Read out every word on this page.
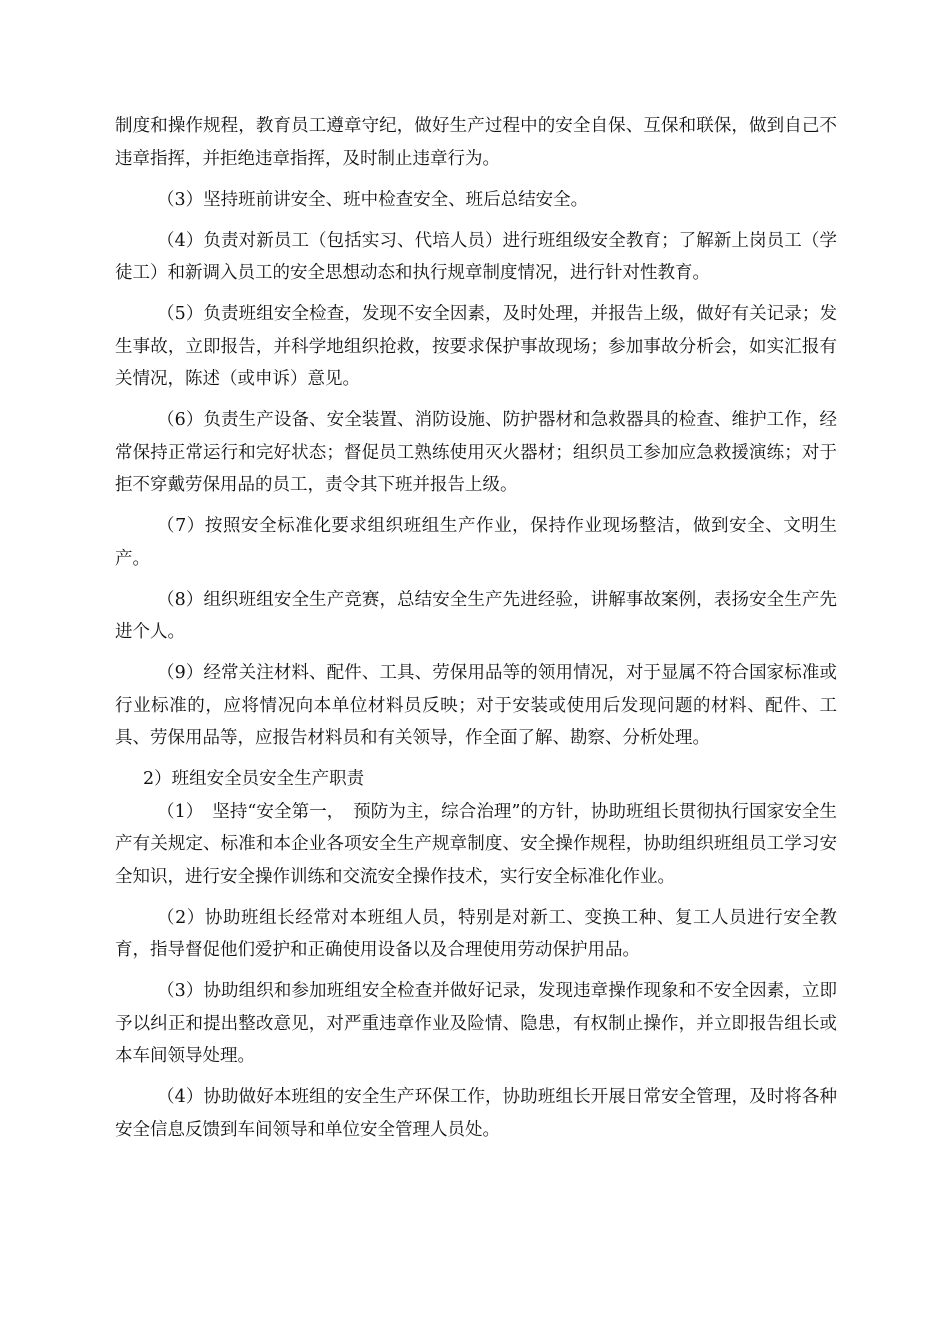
制度和操作规程，教育员工遵章守纪，做好生产过程中的安全自保、互保和联保，做到自己不违章指挥，并拒绝违章指挥，及时制止违章行为。

（3）坚持班前讲安全、班中检查安全、班后总结安全。

（4）负责对新员工（包括实习、代培人员）进行班组级安全教育；了解新上岗员工（学徒工）和新调入员工的安全思想动态和执行规章制度情况，进行针对性教育。

（5）负责班组安全检查，发现不安全因素，及时处理，并报告上级，做好有关记录；发生事故，立即报告，并科学地组织抢救，按要求保护事故现场；参加事故分析会，如实汇报有关情况，陈述（或申诉）意见。

（6）负责生产设备、安全装置、消防设施、防护器材和急救器具的检查、维护工作，经常保持正常运行和完好状态；督促员工熟练使用灭火器材；组织员工参加应急救援演练；对于拒不穿戴劳保用品的员工，责令其下班并报告上级。

（7）按照安全标准化要求组织班组生产作业，保持作业现场整洁，做到安全、文明生产。

（8）组织班组安全生产竞赛，总结安全生产先进经验，讲解事故案例，表扬安全生产先进个人。

（9）经常关注材料、配件、工具、劳保用品等的领用情况，对于显属不符合国家标准或行业标准的，应将情况向本单位材料员反映；对于安装或使用后发现问题的材料、配件、工具、劳保用品等，应报告材料员和有关领导，作全面了解、勘察、分析处理。

2）班组安全员安全生产职责

（1）　坚持“安全第一，　预防为主，综合治理”的方针，协助班组长贯彻执行国家安全生产有关规定、标准和本企业各项安全生产规章制度、安全操作规程，协助组织班组员工学习安全知识，进行安全操作训练和交流安全操作技术，实行安全标准化作业。

（2）协助班组长经常对本班组人员，特别是对新工、变换工种、复工人员进行安全教育，指导督促他们爱护和正确使用设备以及合理使用劳动保护用品。

（3）协助组织和参加班组安全检查并做好记录，发现违章操作现象和不安全因素，立即予以纠正和提出整改意见，对严重违章作业及险情、隐患，有权制止操作，并立即报告组长或本车间领导处理。

（4）协助做好本班组的安全生产环保工作，协助班组长开展日常安全管理，及时将各种安全信息反馈到车间领导和单位安全管理人员处。
